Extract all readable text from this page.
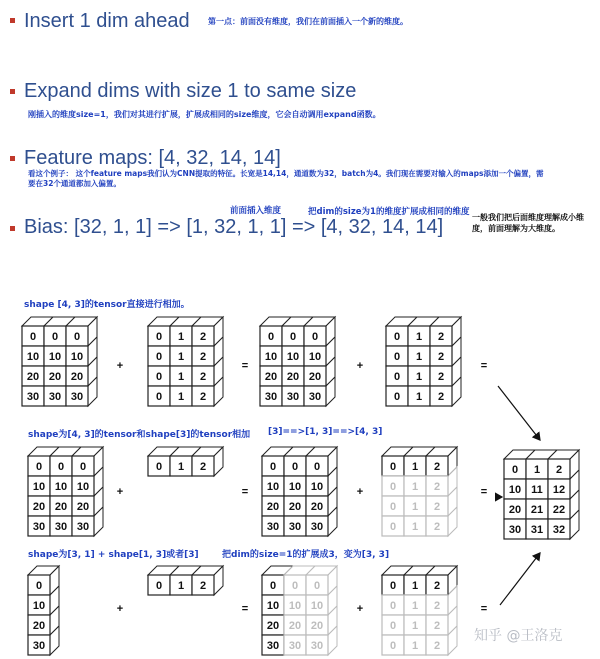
Insert 1 dim ahead 第一点：前面没有维度，我们在前面插入一个新的维度。
Expand dims with size 1 to same size
刚插入的维度size=1，我们对其进行扩展，扩展成相同的size维度，它会自动调用expand函数。
Feature maps: [4, 32, 14, 14]
看这个例子： 这个feature maps我们认为CNN提取的特征。长宽是14,14，通道数为32，batch为4。我们现在需要对输入的maps添加一个偏置，需要在32个通道都加入偏置。
前面插入维度	把dim的size为1的维度扩展成相同的维度
Bias: [32, 1, 1] => [1, 32, 1, 1] => [4, 32, 14, 14]	一般我们把后面维度理解成小维度，前面理解为大维度。
shape [4, 3]的tensor直接进行相加。
shape为[4, 3]的tensor和shape[3]的tensor相加 [3]==>[1, 3]==>[4, 3]
shape为[3, 1] + shape[1, 3]或者[3]	把dim的size=1的扩展成3，变为[3, 3]
0 0 0
10 10 10
20 20 20
30 30 30
+
0 1 2
0 1 2
0 1 2
0 1 2
=
0 0 0
10 10 10
20 20 20
30 30 30
+
0 1 2
0 1 2
0 1 2
0 1 2
=
0 0 0
10 10 10
20 20 20
30 30 30
+
0 1 2
=
0 0 0
10 10 10
20 20 20
30 30 30
+
0 1 2
0 1 2
0 1 2
0 1 2
=
0
10
20
30
+
0 1 2
=
0 0 0
10 10 10
20 20 20
30 30 30
+
0 1 2
0 1 2
0 1 2
0 1 2
=
0 1 2
10 11 12
20 21 22
30 31 32
知乎 @王洛克
